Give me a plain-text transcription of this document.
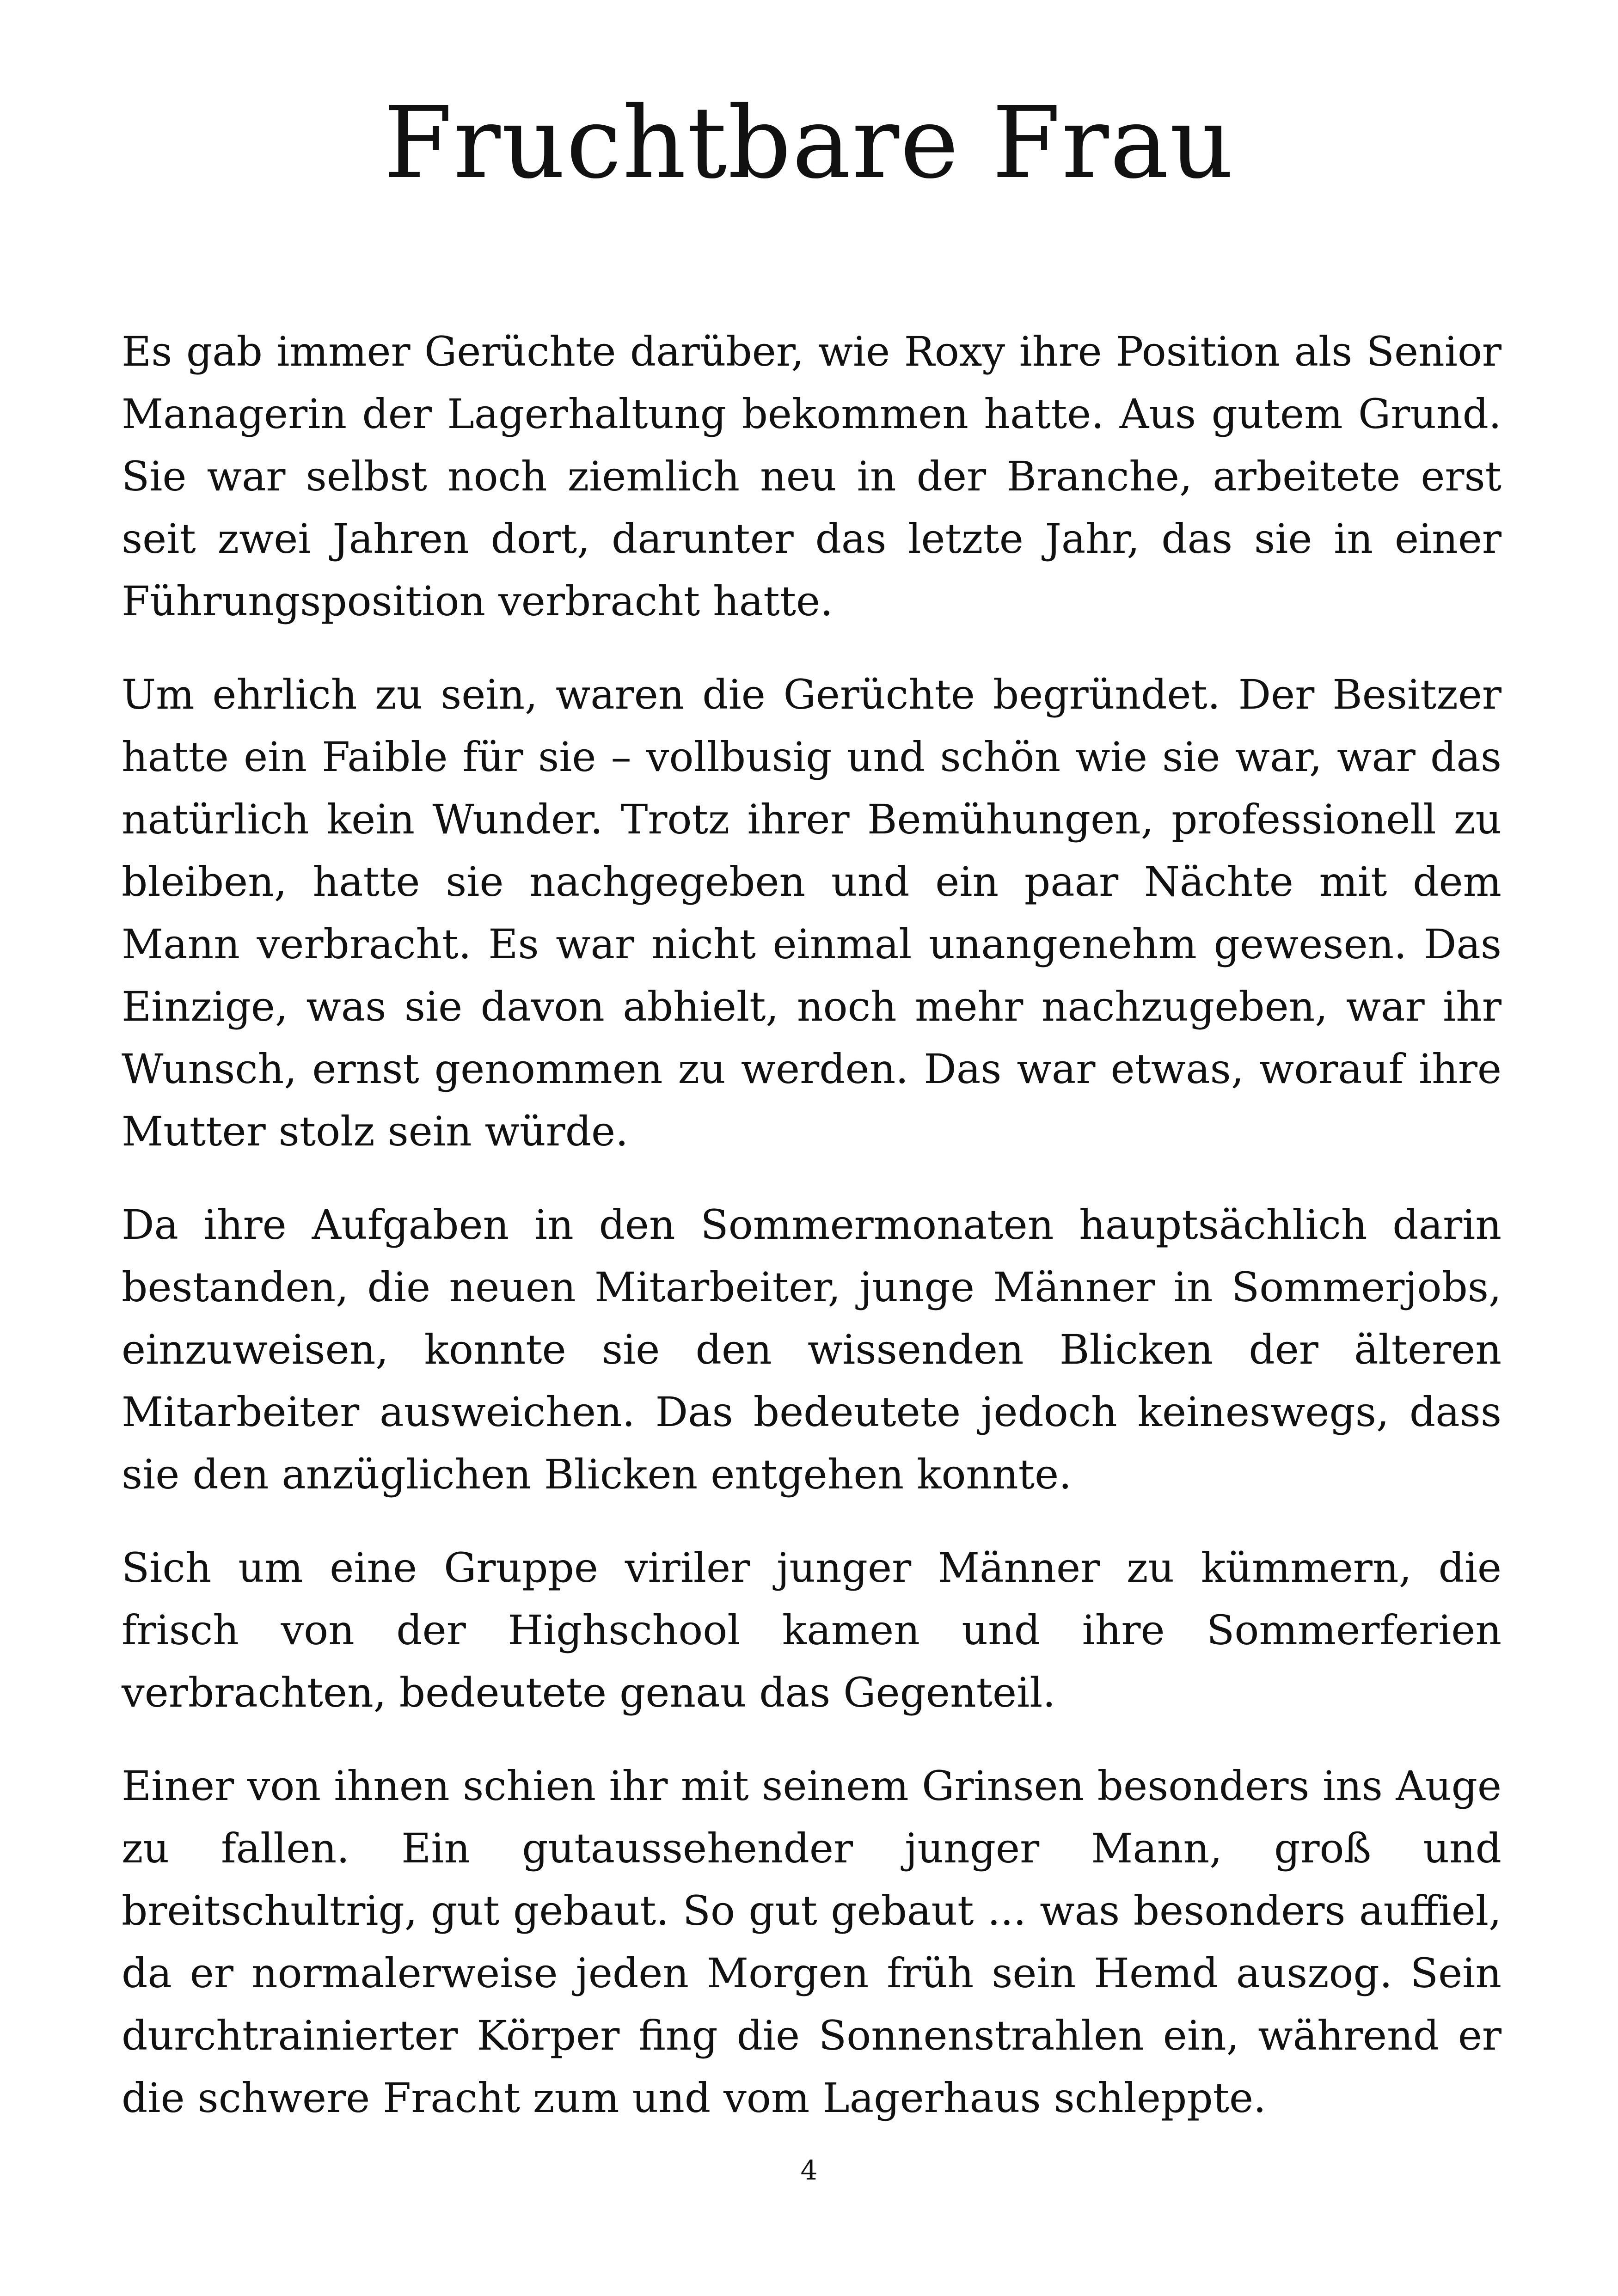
Fruchtbare Frau

Es gab immer Gerüchte darüber, wie Roxy ihre Position als Senior Managerin der Lagerhaltung bekommen hatte. Aus gutem Grund. Sie war selbst noch ziemlich neu in der Branche, arbeitete erst seit zwei Jahren dort, darunter das letzte Jahr, das sie in einer Führungsposition verbracht hatte.

Um ehrlich zu sein, waren die Gerüchte begründet. Der Besitzer hatte ein Faible für sie – vollbusig und schön wie sie war, war das natürlich kein Wunder. Trotz ihrer Bemühungen, professionell zu bleiben, hatte sie nachgegeben und ein paar Nächte mit dem Mann verbracht. Es war nicht einmal unangenehm gewesen. Das Einzige, was sie davon abhielt, noch mehr nachzugeben, war ihr Wunsch, ernst genommen zu werden. Das war etwas, worauf ihre Mutter stolz sein würde.

Da ihre Aufgaben in den Sommermonaten hauptsächlich darin bestanden, die neuen Mitarbeiter, junge Männer in Sommerjobs, einzuweisen, konnte sie den wissenden Blicken der älteren Mitarbeiter ausweichen. Das bedeutete jedoch keineswegs, dass sie den anzüglichen Blicken entgehen konnte.

Sich um eine Gruppe viriler junger Männer zu kümmern, die frisch von der Highschool kamen und ihre Sommerferien verbrachten, bedeutete genau das Gegenteil.

Einer von ihnen schien ihr mit seinem Grinsen besonders ins Auge zu fallen. Ein gutaussehender junger Mann, groß und breitschultrig, gut gebaut. So gut gebaut ... was besonders auffiel, da er normalerweise jeden Morgen früh sein Hemd auszog. Sein durchtrainierter Körper fing die Sonnenstrahlen ein, während er die schwere Fracht zum und vom Lagerhaus schleppte.

4
